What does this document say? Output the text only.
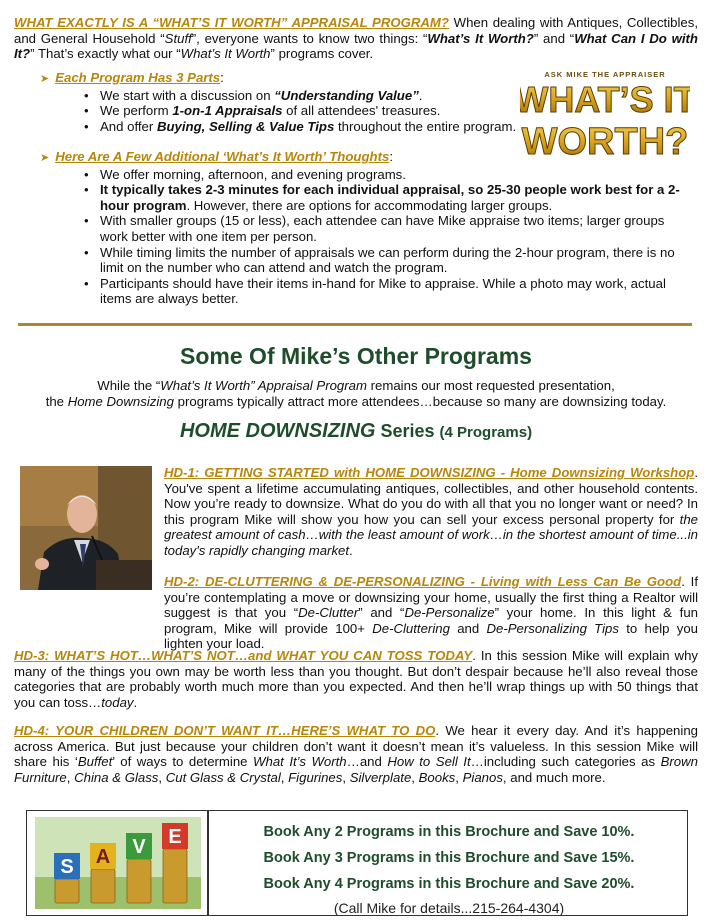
WHAT EXACTLY IS A “WHAT’S IT WORTH” APPRAISAL PROGRAM? When dealing with Antiques, Collectibles, and General Household “Stuff”, everyone wants to know two things: “What’s It Worth?” and “What Can I Do with It?” That’s exactly what our “What’s It Worth” programs cover.
➤ Each Program Has 3 Parts:
• We start with a discussion on “Understanding Value”.
• We perform 1-on-1 Appraisals of all attendees' treasures.
• And offer Buying, Selling & Value Tips throughout the entire program.
ASK MIKE THE APPRAISER
WHAT’S IT
WORTH?
➤ Here Are A Few Additional ‘What’s It Worth’ Thoughts:
• We offer morning, afternoon, and evening programs.
• It typically takes 2-3 minutes for each individual appraisal, so 25-30 people work best for a 2-hour program. However, there are options for accommodating larger groups.
• With smaller groups (15 or less), each attendee can have Mike appraise two items; larger groups work better with one item per person.
• While timing limits the number of appraisals we can perform during the 2-hour program, there is no limit on the number who can attend and watch the program.
• Participants should have their items in-hand for Mike to appraise. While a photo may work, actual items are always better.
Some Of Mike’s Other Programs
While the “What’s It Worth” Appraisal Program remains our most requested presentation,
the Home Downsizing programs typically attract more attendees…because so many are downsizing today.
HOME DOWNSIZING Series (4 Programs)
HD-1: GETTING STARTED with HOME DOWNSIZING - Home Downsizing Workshop. You've spent a lifetime accumulating antiques, collectibles, and other household contents. Now you’re ready to downsize. What do you do with all that you no longer want or need? In this program Mike will show you how you can sell your excess personal property for the greatest amount of cash…with the least amount of work…in the shortest amount of time...in today's rapidly changing market.
HD-2: DE-CLUTTERING & DE-PERSONALIZING - Living with Less Can Be Good. If you’re contemplating a move or downsizing your home, usually the first thing a Realtor will suggest is that you “De-Clutter” and “De-Personalize” your home. In this light & fun program, Mike will provide 100+ De-Cluttering and De-Personalizing Tips to help you lighten your load.
HD-3: WHAT’S HOT…WHAT’S NOT…and WHAT YOU CAN TOSS TODAY. In this session Mike will explain why many of the things you own may be worth less than you thought. But don’t despair because he’ll also reveal those categories that are probably worth much more than you expected. And then he’ll wrap things up with 50 things that you can toss…today.
HD-4: YOUR CHILDREN DON’T WANT IT…HERE’S WHAT TO DO. We hear it every day. And it’s happening across America. But just because your children don’t want it doesn’t mean it’s valueless. In this session Mike will share his ‘Buffet’ of ways to determine What It’s Worth…and How to Sell It…including such categories as Brown Furniture, China & Glass, Cut Glass & Crystal, Figurines, Silverplate, Books, Pianos, and much more.
S A V E	Book Any 2 Programs in this Brochure and Save 10%.
Book Any 3 Programs in this Brochure and Save 15%.
Book Any 4 Programs in this Brochure and Save 20%.
(Call Mike for details...215-264-4304)
